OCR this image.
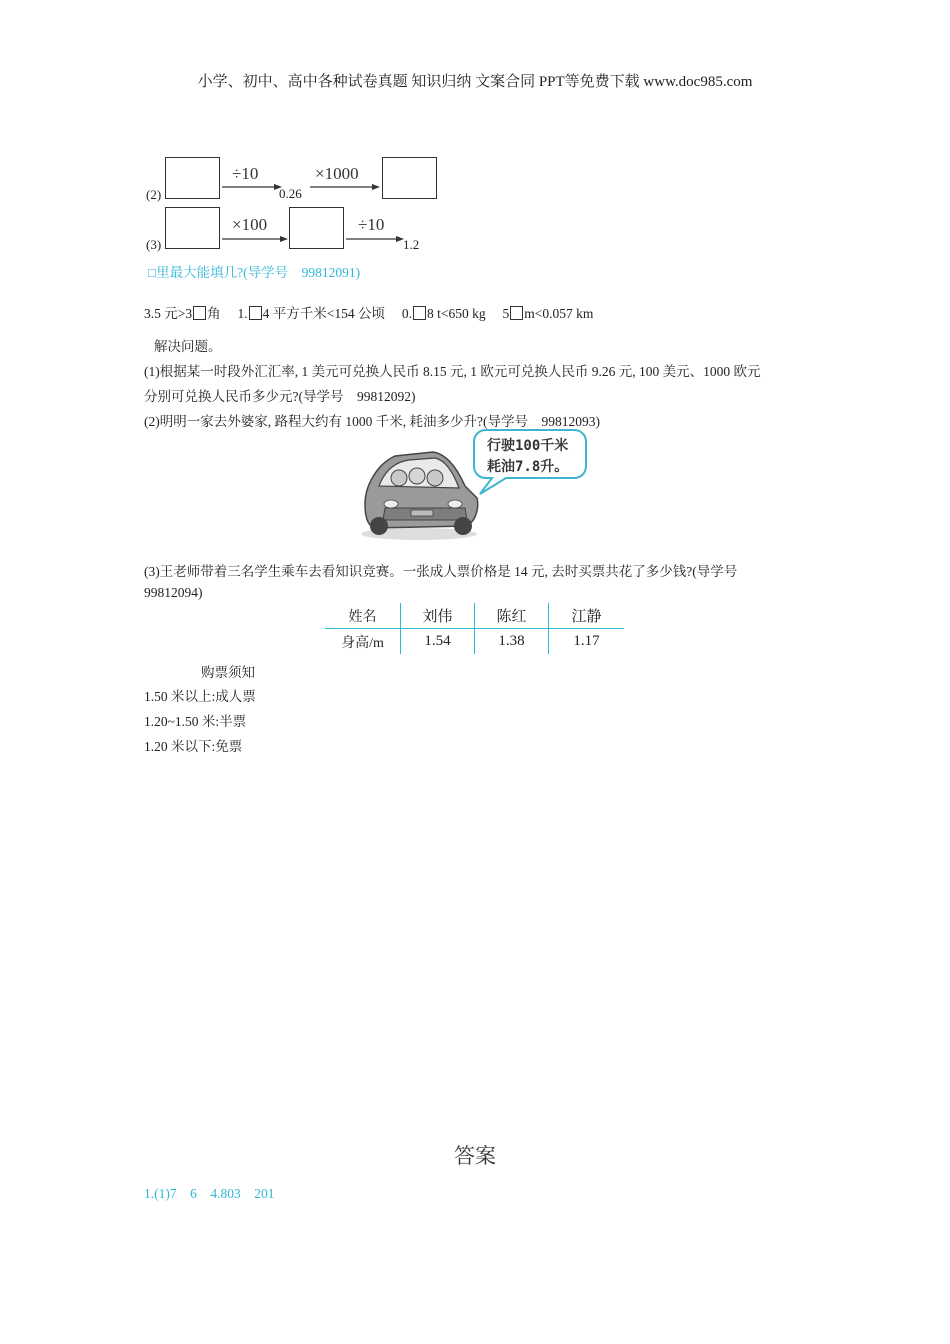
小学、初中、高中各种试卷真题 知识归纳 文案合同 PPT等免费下载 www.doc985.com
(2)
÷10
0.26
×1000
(3)
×100	÷10
1.2
□里最大能填几?(导学号　99812091)
3.5 元>3 角 1. 4 平方千米<154 公顷 0. 8 t<650 kg 5 m<0.057 km
解决问题。
(1)根据某一时段外汇汇率, 1 美元可兑换人民币 8.15 元, 1 欧元可兑换人民币 9.26 元, 100 美元、1000 欧元
分别可兑换人民币多少元?(导学号　99812092)
(2)明明一家去外婆家, 路程大约有 1000 千米, 耗油多少升?(导学号　99812093)
行驶100千米
耗油7.8升。
(3)王老师带着三名学生乘车去看知识竞赛。一张成人票价格是 14 元, 去时买票共花了多少钱?(导学号
99812094)
姓名	刘伟	陈红	江静
身高/m	1.54	1.38	1.17
购票须知
1.50 米以上:成人票
1.20~1.50 米:半票
1.20 米以下:免票
答案
1.(1)7　6　4.803　201
